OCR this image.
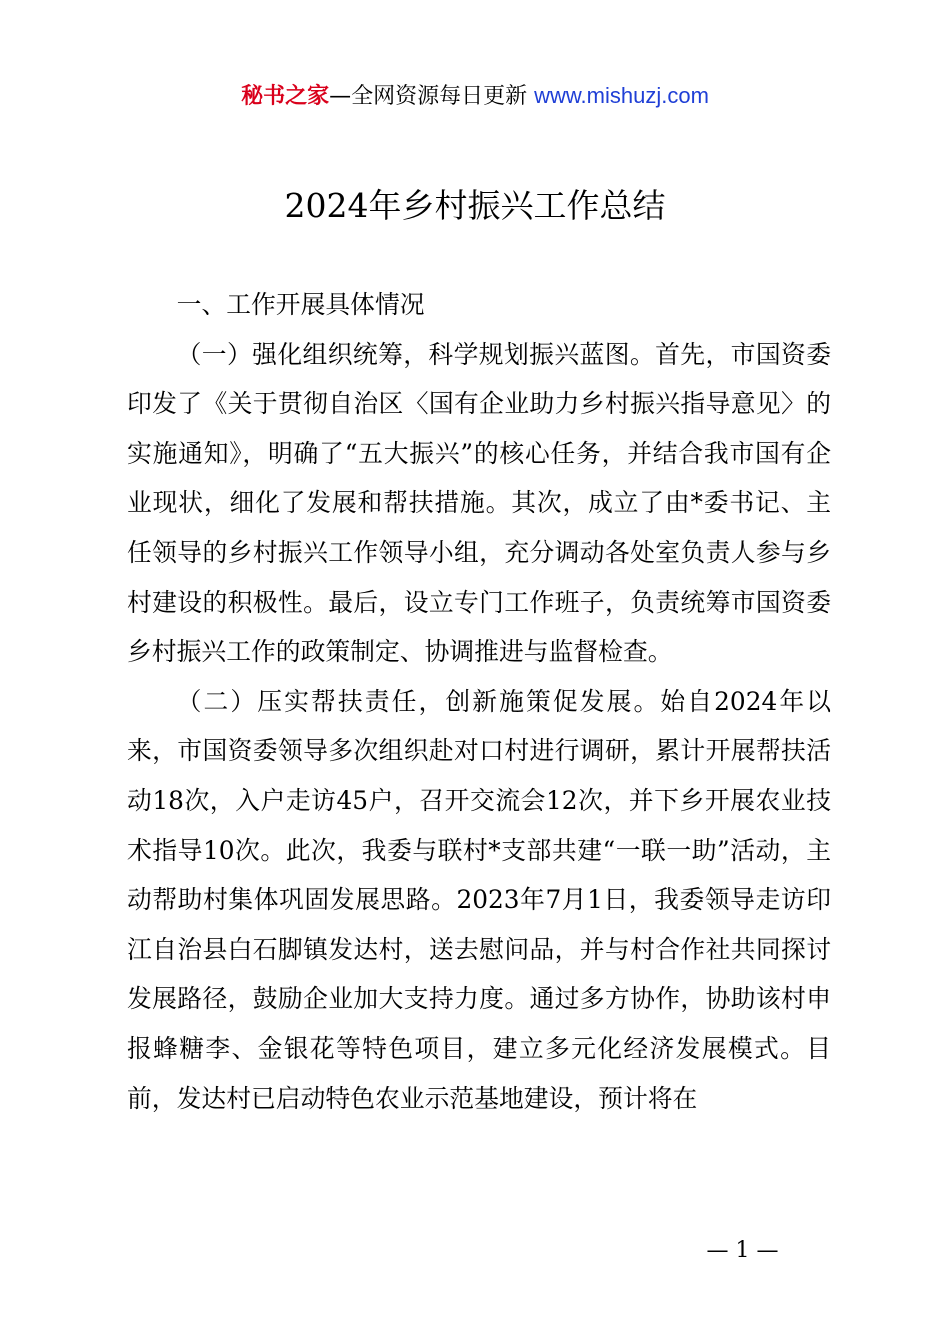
秘书之家—全网资源每日更新 www.mishuzj.com
2024年乡村振兴工作总结

一、工作开展具体情况

（一）强化组织统筹，科学规划振兴蓝图。首先，市国资委印发了《关于贯彻自治区〈国有企业助力乡村振兴指导意见〉的实施通知》，明确了“五大振兴”的核心任务，并结合我市国有企业现状，细化了发展和帮扶措施。其次，成立了由*委书记、主任领导的乡村振兴工作领导小组，充分调动各处室负责人参与乡村建设的积极性。最后，设立专门工作班子，负责统筹市国资委乡村振兴工作的政策制定、协调推进与监督检查。

（二）压实帮扶责任，创新施策促发展。始自2024年以来，市国资委领导多次组织赴对口村进行调研，累计开展帮扶活动18次，入户走访45户，召开交流会12次，并下乡开展农业技术指导10次。此次，我委与联村*支部共建“一联一助”活动，主动帮助村集体巩固发展思路。2023年7月1日，我委领导走访印江自治县白石脚镇发达村，送去慰问品，并与村合作社共同探讨发展路径，鼓励企业加大支持力度。通过多方协作，协助该村申报蜂糖李、金银花等特色项目，建立多元化经济发展模式。目前，发达村已启动特色农业示范基地建设，预计将在

— 1 —
